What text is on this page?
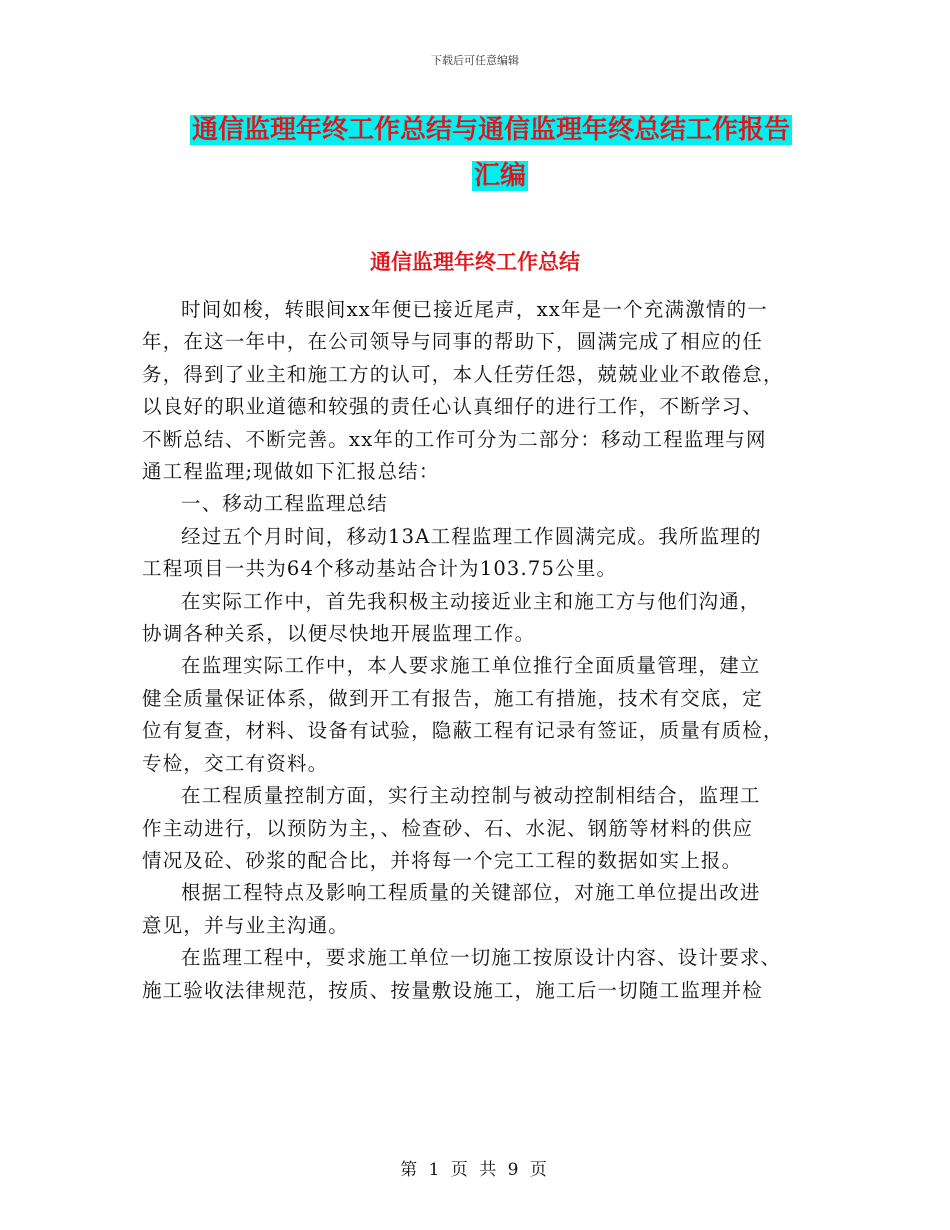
下载后可任意编辑
通信监理年终工作总结与通信监理年终总结工作报告
汇编
通信监理年终工作总结

时间如梭，转眼间xx年便已接近尾声，xx年是一个充满激情的一
年，在这一年中，在公司领导与同事的帮助下，圆满完成了相应的任
务，得到了业主和施工方的认可，本人任劳任怨，兢兢业业不敢倦怠，
以良好的职业道德和较强的责任心认真细仔的进行工作，不断学习、
不断总结、不断完善。xx年的工作可分为二部分：移动工程监理与网
通工程监理;现做如下汇报总结：

一、移动工程监理总结

经过五个月时间，移动13A工程监理工作圆满完成。我所监理的
工程项目一共为64个移动基站合计为103.75公里。

在实际工作中，首先我积极主动接近业主和施工方与他们沟通，
协调各种关系，以便尽快地开展监理工作。

在监理实际工作中，本人要求施工单位推行全面质量管理，建立
健全质量保证体系，做到开工有报告，施工有措施，技术有交底，定
位有复查，材料、设备有试验，隐蔽工程有记录有签证，质量有质检，
专检，交工有资料。

在工程质量控制方面，实行主动控制与被动控制相结合，监理工
作主动进行，以预防为主，、检查砂、石、水泥、钢筋等材料的供应
情况及砼、砂浆的配合比，并将每一个完工工程的数据如实上报。

根据工程特点及影响工程质量的关键部位，对施工单位提出改进
意见，并与业主沟通。

在监理工程中，要求施工单位一切施工按原设计内容、设计要求、
施工验收法律规范，按质、按量敷设施工，施工后一切随工监理并检

第 1 页 共 9 页
